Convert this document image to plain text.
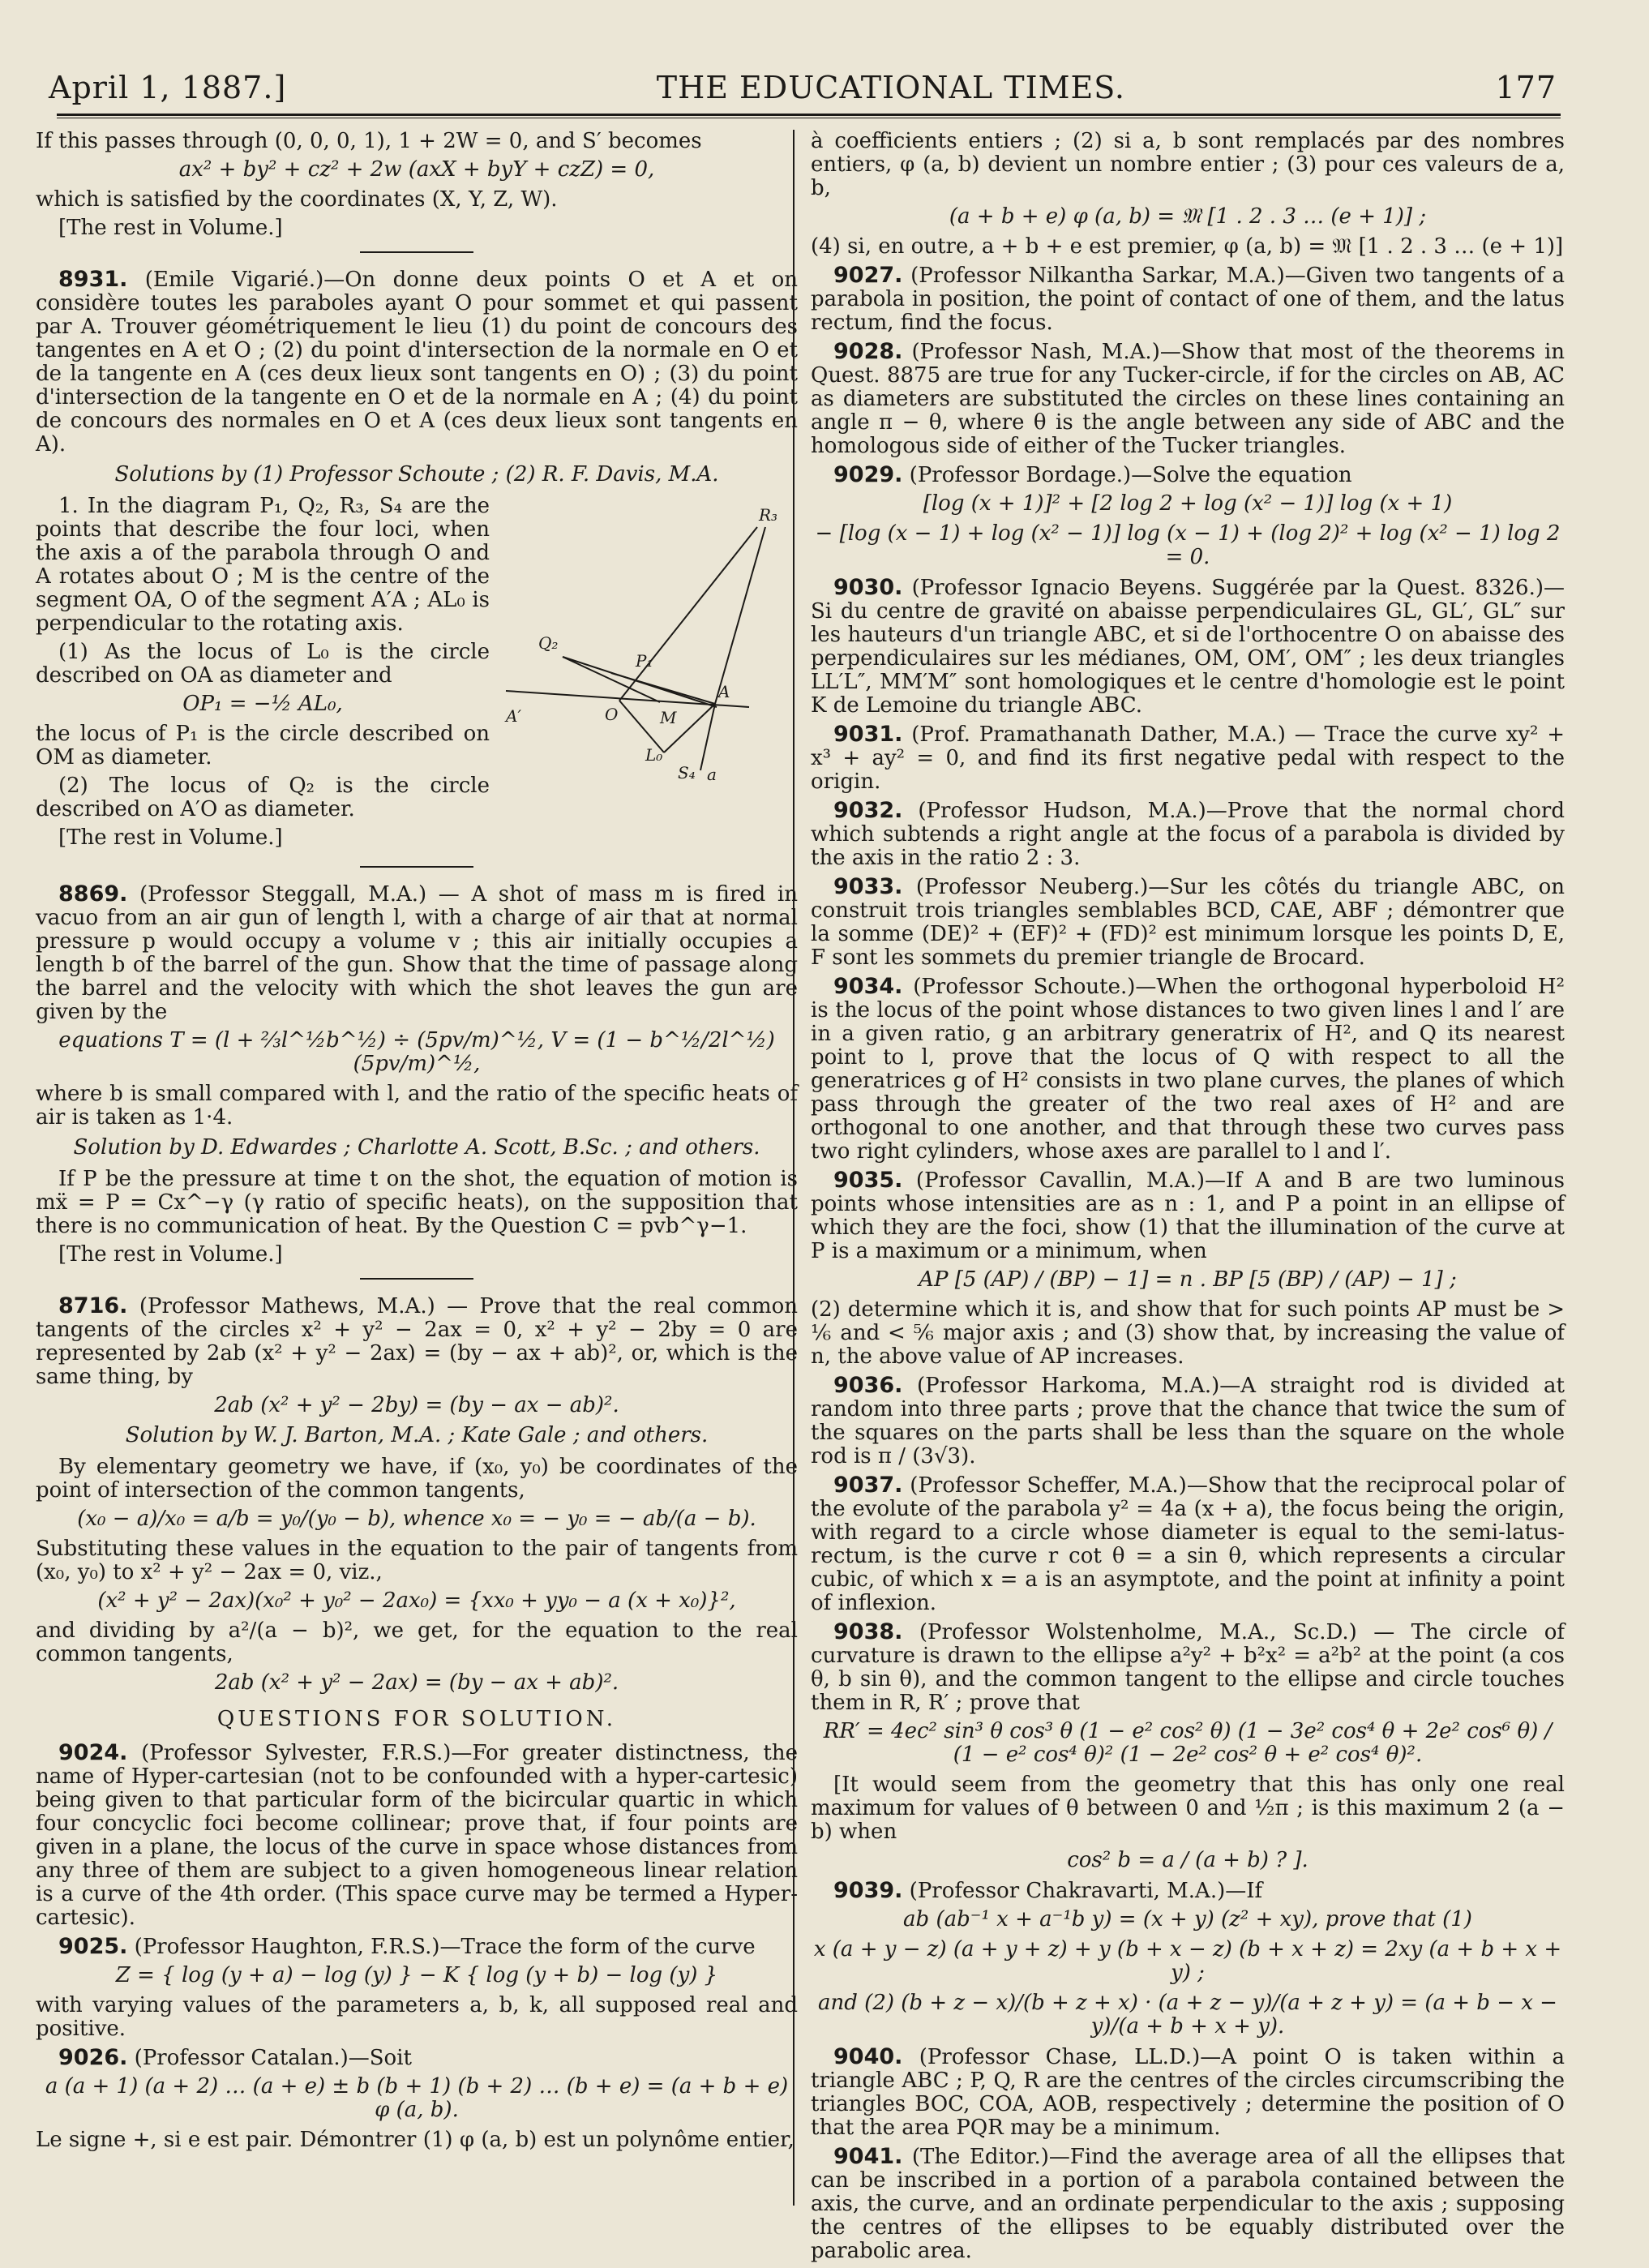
April 1, 1887.]	THE EDUCATIONAL TIMES.	177

If this passes through (0, 0, 0, 1), 1 + 2W = 0, and S′ becomes

ax² + by² + cz² + 2w (axX + byY + czZ) = 0,

which is satisfied by the coordinates (X, Y, Z, W).

[The rest in Volume.]

8931. (Emile Vigarié.)—On donne deux points O et A et on considère toutes les paraboles ayant O pour sommet et qui passent par A. Trouver géométriquement le lieu (1) du point de concours des tangentes en A et O ; (2) du point d'intersection de la normale en O et de la tangente en A (ces deux lieux sont tangents en O) ; (3) du point d'intersection de la tangente en O et de la normale en A ; (4) du point de concours des normales en O et A (ces deux lieux sont tangents en A).

Solutions by (1) Professor Schoute ; (2) R. F. Davis, M.A.

1. In the diagram P₁, Q₂, R₃, S₄ are the points that describe the four loci, when the axis a of the parabola through O and A rotates about O ; M is the centre of the segment OA, O of the segment A′A ; AL₀ is perpendicular to the rotating axis.

(1) As the locus of L₀ is the circle described on OA as diameter and

OP₁ = −½ AL₀,

the locus of P₁ is the circle described on OM as diameter.

(2) The locus of Q₂ is the circle described on A′O as diameter.

[The rest in Volume.]

R₃
Q₂
P₁
A
A′	O	M
L₀
S₄ a

8869. (Professor Steggall, M.A.) — A shot of mass m is fired in vacuo from an air gun of length l, with a charge of air that at normal pressure p would occupy a volume v ; this air initially occupies a length b of the barrel of the gun. Show that the time of passage along the barrel and the velocity with which the shot leaves the gun are given by the

equations T = (l + ⅔l^½b^½) ÷ (5pv/m)^½, V = (1 − b^½/2l^½)(5pv/m)^½,

where b is small compared with l, and the ratio of the specific heats of air is taken as 1·4.

Solution by D. Edwardes ; Charlotte A. Scott, B.Sc. ; and others.

If P be the pressure at time t on the shot, the equation of motion is mẍ = P = Cx^−γ (γ ratio of specific heats), on the supposition that there is no communication of heat. By the Question C = pvb^γ−1.

[The rest in Volume.]

8716. (Professor Mathews, M.A.) — Prove that the real common tangents of the circles x² + y² − 2ax = 0, x² + y² − 2by = 0 are represented by 2ab (x² + y² − 2ax) = (by − ax + ab)², or, which is the same thing, by

2ab (x² + y² − 2by) = (by − ax − ab)².
Solution by W. J. Barton, M.A. ; Kate Gale ; and others.

By elementary geometry we have, if (x₀, y₀) be coordinates of the point of intersection of the common tangents,

(x₀ − a)/x₀ = a/b = y₀/(y₀ − b), whence x₀ = − y₀ = − ab/(a − b).

Substituting these values in the equation to the pair of tangents from (x₀, y₀) to x² + y² − 2ax = 0, viz.,

(x² + y² − 2ax)(x₀² + y₀² − 2ax₀) = {xx₀ + yy₀ − a (x + x₀)}²,

and dividing by a²/(a − b)², we get, for the equation to the real common tangents,

2ab (x² + y² − 2ax) = (by − ax + ab)².
QUESTIONS FOR SOLUTION.

9024. (Professor Sylvester, F.R.S.)—For greater distinctness, the name of Hyper-cartesian (not to be confounded with a hyper-cartesic) being given to that particular form of the bicircular quartic in which four concyclic foci become collinear; prove that, if four points are given in a plane, the locus of the curve in space whose distances from any three of them are subject to a given homogeneous linear relation is a curve of the 4th order. (This space curve may be termed a Hyper-cartesic).

9025. (Professor Haughton, F.R.S.)—Trace the form of the curve

Z = { log (y + a) − log (y) } − K { log (y + b) − log (y) }

with varying values of the parameters a, b, k, all supposed real and positive.

9026. (Professor Catalan.)—Soit

a (a + 1) (a + 2) … (a + e) ± b (b + 1) (b + 2) … (b + e) = (a + b + e) φ (a, b).

Le signe +, si e est pair. Démontrer (1) φ (a, b) est un polynôme entier,

à coefficients entiers ; (2) si a, b sont remplacés par des nombres entiers, φ (a, b) devient un nombre entier ; (3) pour ces valeurs de a, b,

(a + b + e) φ (a, b) = 𝔐 [1 . 2 . 3 … (e + 1)] ;

(4) si, en outre, a + b + e est premier, φ (a, b) = 𝔐 [1 . 2 . 3 … (e + 1)]

9027. (Professor Nilkantha Sarkar, M.A.)—Given two tangents of a parabola in position, the point of contact of one of them, and the latus rectum, find the focus.

9028. (Professor Nash, M.A.)—Show that most of the theorems in Quest. 8875 are true for any Tucker-circle, if for the circles on AB, AC as diameters are substituted the circles on these lines containing an angle π − θ, where θ is the angle between any side of ABC and the homologous side of either of the Tucker triangles.

9029. (Professor Bordage.)—Solve the equation

[log (x + 1)]² + [2 log 2 + log (x² − 1)] log (x + 1)
− [log (x − 1) + log (x² − 1)] log (x − 1) + (log 2)² + log (x² − 1) log 2 = 0.

9030. (Professor Ignacio Beyens. Suggérée par la Quest. 8326.)—Si du centre de gravité on abaisse perpendiculaires GL, GL′, GL″ sur les hauteurs d'un triangle ABC, et si de l'orthocentre O on abaisse des perpendiculaires sur les médianes, OM, OM′, OM″ ; les deux triangles LL′L″, MM′M″ sont homologiques et le centre d'homologie est le point K de Lemoine du triangle ABC.

9031. (Prof. Pramathanath Dather, M.A.) — Trace the curve xy² + x³ + ay² = 0, and find its first negative pedal with respect to the origin.

9032. (Professor Hudson, M.A.)—Prove that the normal chord which subtends a right angle at the focus of a parabola is divided by the axis in the ratio 2 : 3.

9033. (Professor Neuberg.)—Sur les côtés du triangle ABC, on construit trois triangles semblables BCD, CAE, ABF ; démontrer que la somme (DE)² + (EF)² + (FD)² est minimum lorsque les points D, E, F sont les sommets du premier triangle de Brocard.

9034. (Professor Schoute.)—When the orthogonal hyperboloid H² is the locus of the point whose distances to two given lines l and l′ are in a given ratio, g an arbitrary generatrix of H², and Q its nearest point to l, prove that the locus of Q with respect to all the generatrices g of H² consists in two plane curves, the planes of which pass through the greater of the two real axes of H² and are orthogonal to one another, and that through these two curves pass two right cylinders, whose axes are parallel to l and l′.

9035. (Professor Cavallin, M.A.)—If A and B are two luminous points whose intensities are as n : 1, and P a point in an ellipse of which they are the foci, show (1) that the illumination of the curve at P is a maximum or a minimum, when

AP [5 (AP) / (BP) − 1] = n . BP [5 (BP) / (AP) − 1] ;

(2) determine which it is, and show that for such points AP must be > ⅙ and < ⅚ major axis ; and (3) show that, by increasing the value of n, the above value of AP increases.

9036. (Professor Harkoma, M.A.)—A straight rod is divided at random into three parts ; prove that the chance that twice the sum of the squares on the parts shall be less than the square on the whole rod is π / (3√3).

9037. (Professor Scheffer, M.A.)—Show that the reciprocal polar of the evolute of the parabola y² = 4a (x + a), the focus being the origin, with regard to a circle whose diameter is equal to the semi-latus-rectum, is the curve r cot θ = a sin θ, which represents a circular cubic, of which x = a is an asymptote, and the point at infinity a point of inflexion.

9038. (Professor Wolstenholme, M.A., Sc.D.) — The circle of curvature is drawn to the ellipse a²y² + b²x² = a²b² at the point (a cos θ, b sin θ), and the common tangent to the ellipse and circle touches them in R, R′ ; prove that

RR′ = 4ec² sin³ θ cos³ θ (1 − e² cos² θ) (1 − 3e² cos⁴ θ + 2e² cos⁶ θ) / (1 − e² cos⁴ θ)² (1 − 2e² cos² θ + e² cos⁴ θ)².

[It would seem from the geometry that this has only one real maximum for values of θ between 0 and ½π ; is this maximum 2 (a − b) when

cos² b = a / (a + b) ? ].

9039. (Professor Chakravarti, M.A.)—If

ab (ab⁻¹ x + a⁻¹b y) = (x + y) (z² + xy), prove that (1)
x (a + y − z) (a + y + z) + y (b + x − z) (b + x + z) = 2xy (a + b + x + y) ;
and (2) (b + z − x)/(b + z + x) · (a + z − y)/(a + z + y) = (a + b − x − y)/(a + b + x + y).

9040. (Professor Chase, LL.D.)—A point O is taken within a triangle ABC ; P, Q, R are the centres of the circles circumscribing the triangles BOC, COA, AOB, respectively ; determine the position of O that the area PQR may be a minimum.

9041. (The Editor.)—Find the average area of all the ellipses that can be inscribed in a portion of a parabola contained between the axis, the curve, and an ordinate perpendicular to the axis ; supposing the centres of the ellipses to be equably distributed over the parabolic area.
